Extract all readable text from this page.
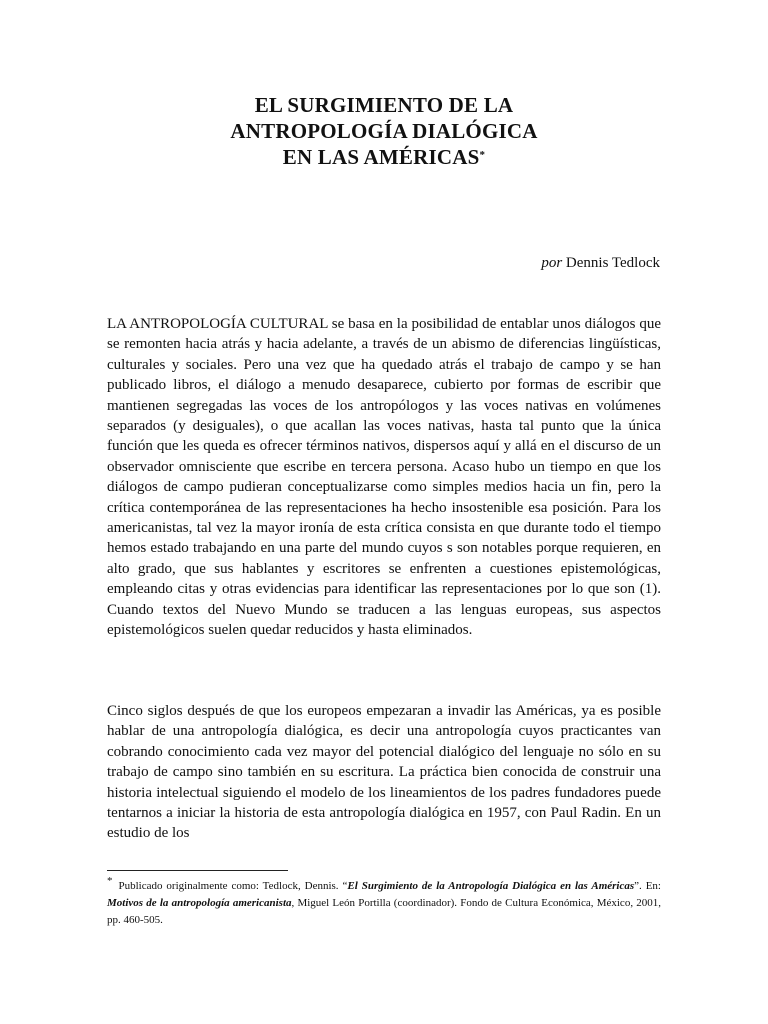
EL SURGIMIENTO DE LA
ANTROPOLOGÍA DIALÓGICA
EN LAS AMÉRICAS*
por Dennis Tedlock

LA ANTROPOLOGÍA CULTURAL se basa en la posibilidad de entablar unos diálogos que se remonten hacia atrás y hacia adelante, a través de un abismo de diferencias lingüísticas, culturales y sociales. Pero una vez que ha quedado atrás el trabajo de campo y se han publicado libros, el diálogo a menudo desaparece, cubierto por formas de escribir que mantienen segregadas las voces de los antropólogos y las voces nativas en volúmenes separados (y desiguales), o que acallan las voces nativas, hasta tal punto que la única función que les queda es ofrecer términos nativos, dispersos aquí y allá en el discurso de un observador omnisciente que escribe en tercera persona. Acaso hubo un tiempo en que los diálogos de campo pudieran conceptualizarse como simples medios hacia un fin, pero la crítica contemporánea de las representaciones ha hecho insostenible esa posición. Para los americanistas, tal vez la mayor ironía de esta crítica consista en que durante todo el tiempo hemos estado trabajando en una parte del mundo cuyos s son notables porque requieren, en alto grado, que sus hablantes y escritores se enfrenten a cuestiones epistemológicas, empleando citas y otras evidencias para identificar las representaciones por lo que son (1). Cuando textos del Nuevo Mundo se traducen a las lenguas europeas, sus aspectos epistemológicos suelen quedar reducidos y hasta eliminados.

Cinco siglos después de que los europeos empezaran a invadir las Américas, ya es posible hablar de una antropología dialógica, es decir una antropología cuyos practicantes van cobrando conocimiento cada vez mayor del potencial dialógico del lenguaje no sólo en su trabajo de campo sino también en su escritura. La práctica bien conocida de construir una historia intelectual siguiendo el modelo de los lineamientos de los padres fundadores puede tentarnos a iniciar la historia de esta antropología dialógica en 1957, con Paul Radin. En un estudio de los

* Publicado originalmente como: Tedlock, Dennis. “El Surgimiento de la Antropología Dialógica en las Américas”. En: Motivos de la antropología americanista, Miguel León Portilla (coordinador). Fondo de Cultura Económica, México, 2001, pp. 460-505.
